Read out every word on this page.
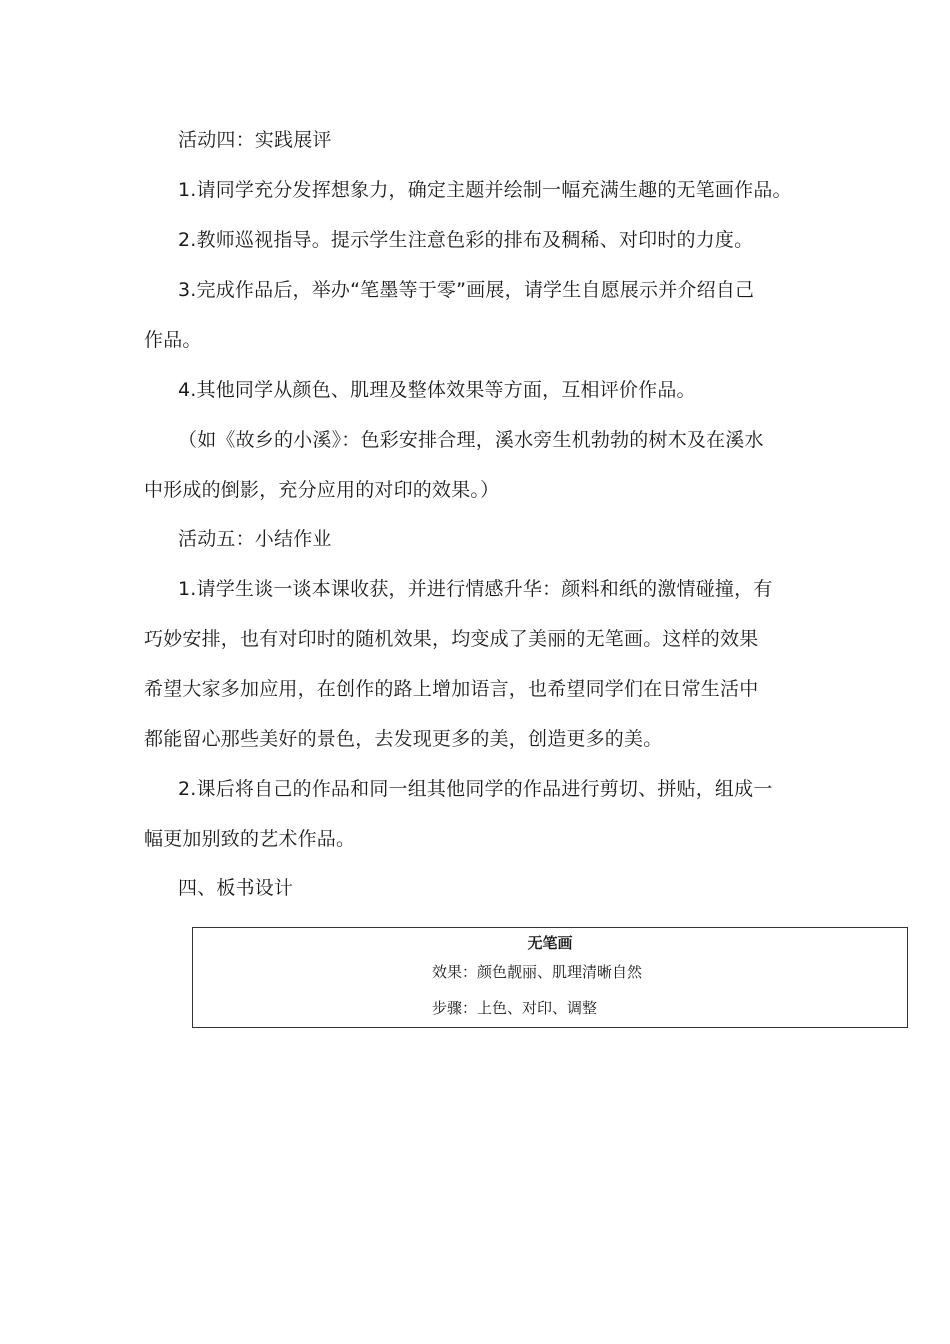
活动四：实践展评
1.请同学充分发挥想象力，确定主题并绘制一幅充满生趣的无笔画作品。
2.教师巡视指导。提示学生注意色彩的排布及稠稀、对印时的力度。
3.完成作品后，举办“笔墨等于零”画展，请学生自愿展示并介绍自己
作品。
4.其他同学从颜色、肌理及整体效果等方面，互相评价作品。
（如《故乡的小溪》：色彩安排合理，溪水旁生机勃勃的树木及在溪水
中形成的倒影，充分应用的对印的效果。）
活动五：小结作业
1.请学生谈一谈本课收获，并进行情感升华：颜料和纸的激情碰撞，有
巧妙安排，也有对印时的随机效果，均变成了美丽的无笔画。这样的效果
希望大家多加应用，在创作的路上增加语言，也希望同学们在日常生活中
都能留心那些美好的景色，去发现更多的美，创造更多的美。
2.课后将自己的作品和同一组其他同学的作品进行剪切、拼贴，组成一
幅更加别致的艺术作品。
四、板书设计
无笔画
效果：颜色靓丽、肌理清晰自然
步骤：上色、对印、调整
